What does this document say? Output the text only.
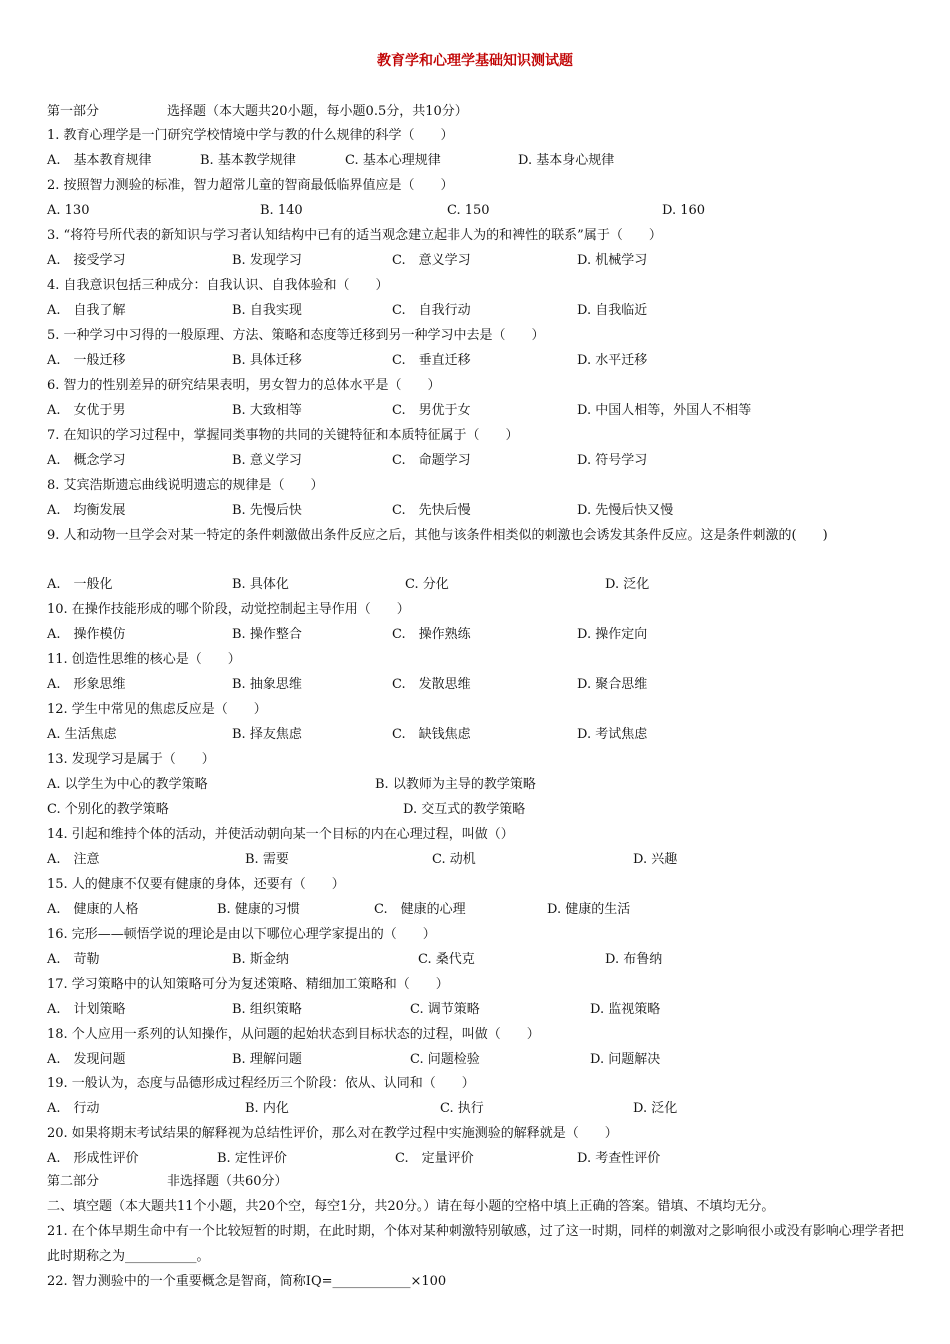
教育学和心理学基础知识测试题
第一部分	选择题（本大题共20小题，每小题0.5分，共10分）
1. 教育心理学是一门研究学校情境中学与教的什么规律的科学（　　）
A.　基本教育规律	B. 基本教学规律	C. 基本心理规律	D. 基本身心规律
2. 按照智力测验的标准，智力超常儿童的智商最低临界值应是（　　）
A. 130	B. 140	C. 150	D. 160
3. “将符号所代表的新知识与学习者认知结构中已有的适当观念建立起非人为的和裨性的联系”属于（　　）
A.　接受学习	B. 发现学习	C.　意义学习	D. 机械学习
4. 自我意识包括三种成分：自我认识、自我体验和（　　）
A.　自我了解	B. 自我实现	C.　自我行动	D. 自我临近
5. 一种学习中习得的一般原理、方法、策略和态度等迁移到另一种学习中去是（　　）
A.　一般迁移	B. 具体迁移	C.　垂直迁移	D. 水平迁移
6. 智力的性别差异的研究结果表明，男女智力的总体水平是（　　）
A.　女优于男	B. 大致相等	C.　男优于女	D. 中国人相等，外国人不相等
7. 在知识的学习过程中，掌握同类事物的共同的关键特征和本质特征属于（　　）
A.　概念学习	B. 意义学习	C.　命题学习	D. 符号学习
8. 艾宾浩斯遗忘曲线说明遗忘的规律是（　　）
A.　均衡发展	B. 先慢后快	C.　先快后慢	D. 先慢后快又慢
9. 人和动物一旦学会对某一特定的条件刺激做出条件反应之后，其他与该条件相类似的刺激也会诱发其条件反应。这是条件刺激的(　　)
A.　一般化	B. 具体化	C. 分化	D. 泛化
10. 在操作技能形成的哪个阶段，动觉控制起主导作用（　　）
A.　操作模仿	B. 操作整合	C.　操作熟练	D. 操作定向
11. 创造性思维的核心是（　　）
A.　形象思维	B. 抽象思维	C.　发散思维	D. 聚合思维
12. 学生中常见的焦虑反应是（　　）
A. 生活焦虑	B. 择友焦虑	C.　缺钱焦虑	D. 考试焦虑
13. 发现学习是属于（　　）
A. 以学生为中心的教学策略	B. 以教师为主导的教学策略
C. 个别化的教学策略	D. 交互式的教学策略
14. 引起和维持个体的活动，并使活动朝向某一个目标的内在心理过程，叫做（）
A.　注意	B. 需要	C. 动机	D. 兴趣
15. 人的健康不仅要有健康的身体，还要有（　　）
A.　健康的人格	B. 健康的习惯	C.　健康的心理	D. 健康的生活
16. 完形——顿悟学说的理论是由以下哪位心理学家提出的（　　）
A.　苛勒	B. 斯金纳	C. 桑代克	D. 布鲁纳
17. 学习策略中的认知策略可分为复述策略、精细加工策略和（　　）
A.　计划策略	B. 组织策略	C. 调节策略	D. 监视策略
18. 个人应用一系列的认知操作，从问题的起始状态到目标状态的过程，叫做（　　）
A.　发现问题	B. 理解问题	C. 问题检验	D. 问题解决
19. 一般认为，态度与品德形成过程经历三个阶段：依从、认同和（　　）
A.　行动	B. 内化	C. 执行	D. 泛化
20. 如果将期末考试结果的解释视为总结性评价，那么对在教学过程中实施测验的解释就是（　　）
A.　形成性评价	B. 定性评价	C.　定量评价	D. 考查性评价
第二部分	非选择题（共60分）
二、填空题（本大题共11个小题，共20个空，每空1分，共20分。）请在每小题的空格中填上正确的答案。错填、不填均无分。
21. 在个体早期生命中有一个比较短暂的时期，在此时期，个体对某种刺激特别敏感，过了这一时期，同样的刺激对之影响很小或没有影响心理学者把此时期称之为___________。
22. 智力测验中的一个重要概念是智商，简称IQ=____________×100
